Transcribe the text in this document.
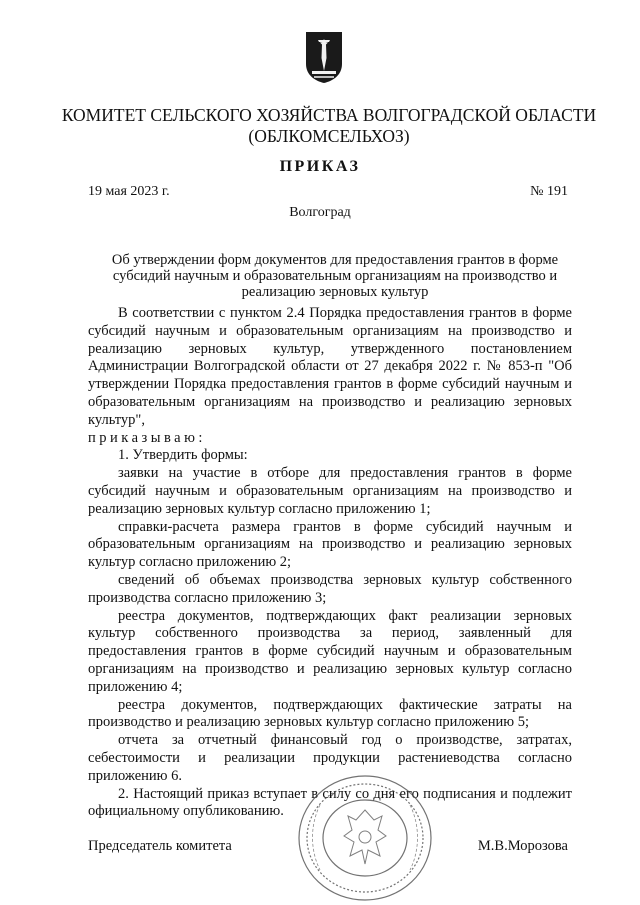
КОМИТЕТ СЕЛЬСКОГО ХОЗЯЙСТВА ВОЛГОГРАДСКОЙ ОБЛАСТИ
(ОБЛКОМСЕЛЬХОЗ)
ПРИКАЗ
19 мая 2023 г.	№ 191
Волгоград
Об утверждении форм документов для предоставления грантов в форме
субсидий научным и образовательным организациям на производство и
реализацию зерновых культур

В соответствии с пунктом 2.4 Порядка предоставления грантов в форме субсидий научным и образовательным организациям на производство и реализацию зерновых культур, утвержденного постановлением Администрации Волгоградской области от 27 декабря 2022 г. № 853-п "Об утверждении Порядка предоставления грантов в форме субсидий научным и образовательным организациям на производство и реализацию зерновых культур",

приказываю:

1. Утвердить формы:

заявки на участие в отборе для предоставления грантов в форме субсидий научным и образовательным организациям на производство и реализацию зерновых культур согласно приложению 1;

справки-расчета размера грантов в форме субсидий научным и образовательным организациям на производство и реализацию зерновых культур согласно приложению 2;

сведений об объемах производства зерновых культур собственного производства согласно приложению 3;

реестра документов, подтверждающих факт реализации зерновых культур собственного производства за период, заявленный для предоставления грантов в форме субсидий научным и образовательным организациям на производство и реализацию зерновых культур согласно приложению 4;

реестра документов, подтверждающих фактические затраты на производство и реализацию зерновых культур согласно приложению 5;

отчета за отчетный финансовый год о производстве, затратах, себестоимости и реализации продукции растениеводства согласно приложению 6.

2. Настоящий приказ вступает в силу со дня его подписания и подлежит официальному опубликованию.

Председатель комитета	М.В.Морозова
